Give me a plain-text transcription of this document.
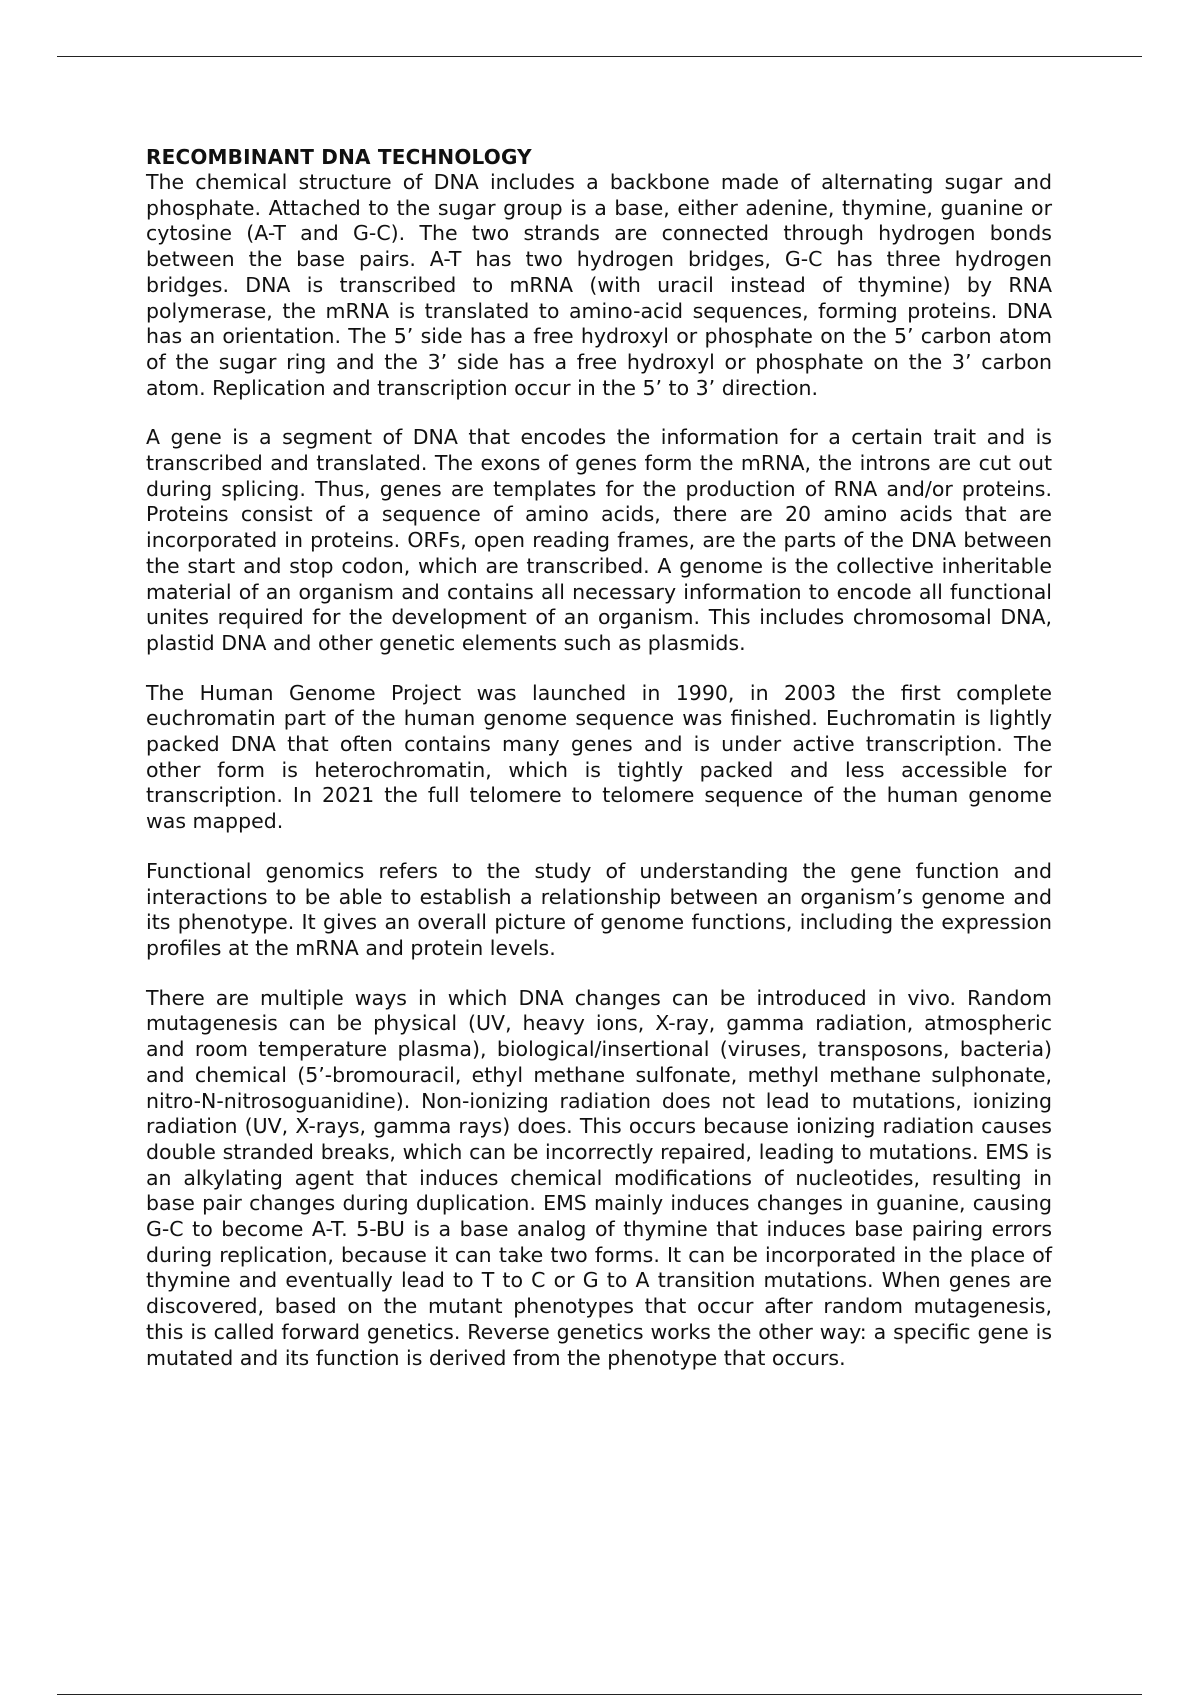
RECOMBINANT DNA TECHNOLOGY

The chemical structure of DNA includes a backbone made of alternating sugar and phosphate. Attached to the sugar group is a base, either adenine, thymine, guanine or cytosine (A-T and G-C). The two strands are connected through hydrogen bonds between the base pairs. A-T has two hydrogen bridges, G-C has three hydrogen bridges. DNA is transcribed to mRNA (with uracil instead of thymine) by RNA polymerase, the mRNA is translated to amino-acid sequences, forming proteins. DNA has an orientation. The 5’ side has a free hydroxyl or phosphate on the 5’ carbon atom of the sugar ring and the 3’ side has a free hydroxyl or phosphate on the 3’ carbon atom. Replication and transcription occur in the 5’ to 3’ direction.

A gene is a segment of DNA that encodes the information for a certain trait and is transcribed and translated. The exons of genes form the mRNA, the introns are cut out during splicing. Thus, genes are templates for the production of RNA and/or proteins. Proteins consist of a sequence of amino acids, there are 20 amino acids that are incorporated in proteins. ORFs, open reading frames, are the parts of the DNA between the start and stop codon, which are transcribed. A genome is the collective inheritable material of an organism and contains all necessary information to encode all functional unites required for the development of an organism. This includes chromosomal DNA, plastid DNA and other genetic elements such as plasmids.

The Human Genome Project was launched in 1990, in 2003 the first complete euchromatin part of the human genome sequence was finished. Euchromatin is lightly packed DNA that often contains many genes and is under active transcription. The other form is heterochromatin, which is tightly packed and less accessible for transcription. In 2021 the full telomere to telomere sequence of the human genome was mapped.

Functional genomics refers to the study of understanding the gene function and interactions to be able to establish a relationship between an organism’s genome and its phenotype. It gives an overall picture of genome functions, including the expression profiles at the mRNA and protein levels.

There are multiple ways in which DNA changes can be introduced in vivo. Random mutagenesis can be physical (UV, heavy ions, X-ray, gamma radiation, atmospheric and room temperature plasma), biological/insertional (viruses, transposons, bacteria) and chemical (5’-bromouracil, ethyl methane sulfonate, methyl methane sulphonate, nitro-N-nitrosoguanidine). Non-ionizing radiation does not lead to mutations, ionizing radiation (UV, X-rays, gamma rays) does. This occurs because ionizing radiation causes double stranded breaks, which can be incorrectly repaired, leading to mutations. EMS is an alkylating agent that induces chemical modifications of nucleotides, resulting in base pair changes during duplication. EMS mainly induces changes in guanine, causing G-C to become A-T. 5-BU is a base analog of thymine that induces base pairing errors during replication, because it can take two forms. It can be incorporated in the place of thymine and eventually lead to T to C or G to A transition mutations. When genes are discovered, based on the mutant phenotypes that occur after random mutagenesis, this is called forward genetics. Reverse genetics works the other way: a specific gene is mutated and its function is derived from the phenotype that occurs.
